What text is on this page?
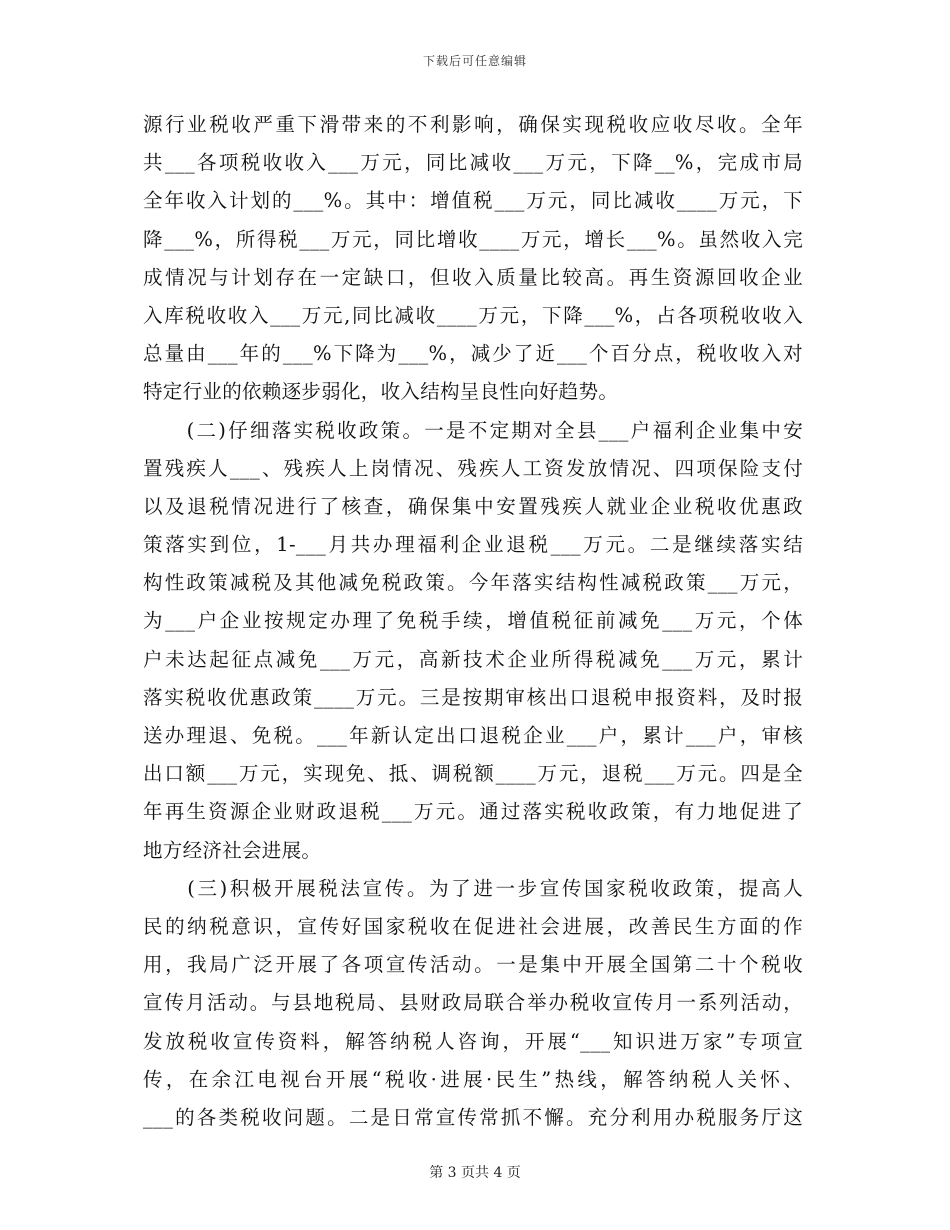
下载后可任意编辑
源行业税收严重下滑带来的不利影响，确保实现税收应收尽收。全年
共___各项税收收入___万元，同比减收___万元，下降__%，完成市局
全年收入计划的___%。其中：增值税___万元，同比减收____万元，下
降___%，所得税___万元，同比增收____万元，增长___%。虽然收入完
成情况与计划存在一定缺口，但收入质量比较高。再生资源回收企业
入库税收收入___万元,同比减收____万元，下降___%，占各项税收收入
总量由___年的___%下降为___%，减少了近___个百分点，税收收入对
特定行业的依赖逐步弱化，收入结构呈良性向好趋势。
　　(二)仔细落实税收政策。一是不定期对全县___户福利企业集中安
置残疾人___、残疾人上岗情况、残疾人工资发放情况、四项保险支付
以及退税情况进行了核查，确保集中安置残疾人就业企业税收优惠政
策落实到位，1-___月共办理福利企业退税___万元。二是继续落实结
构性政策减税及其他减免税政策。今年落实结构性减税政策___万元，
为___户企业按规定办理了免税手续，增值税征前减免___万元，个体
户未达起征点减免___万元，高新技术企业所得税减免___万元，累计
落实税收优惠政策____万元。三是按期审核出口退税申报资料，及时报
送办理退、免税。___年新认定出口退税企业___户，累计___户，审核
出口额___万元，实现免、抵、调税额____万元，退税___万元。四是全
年再生资源企业财政退税___万元。通过落实税收政策，有力地促进了
地方经济社会进展。
　　(三)积极开展税法宣传。为了进一步宣传国家税收政策，提高人
民的纳税意识，宣传好国家税收在促进社会进展，改善民生方面的作
用，我局广泛开展了各项宣传活动。一是集中开展全国第二十个税收
宣传月活动。与县地税局、县财政局联合举办税收宣传月一系列活动，
发放税收宣传资料，解答纳税人咨询，开展“___知识进万家”专项宣
传，在余江电视台开展“税收·进展·民生”热线，解答纳税人关怀、
___的各类税收问题。二是日常宣传常抓不懈。充分利用办税服务厅这
第 3 页共 4 页
